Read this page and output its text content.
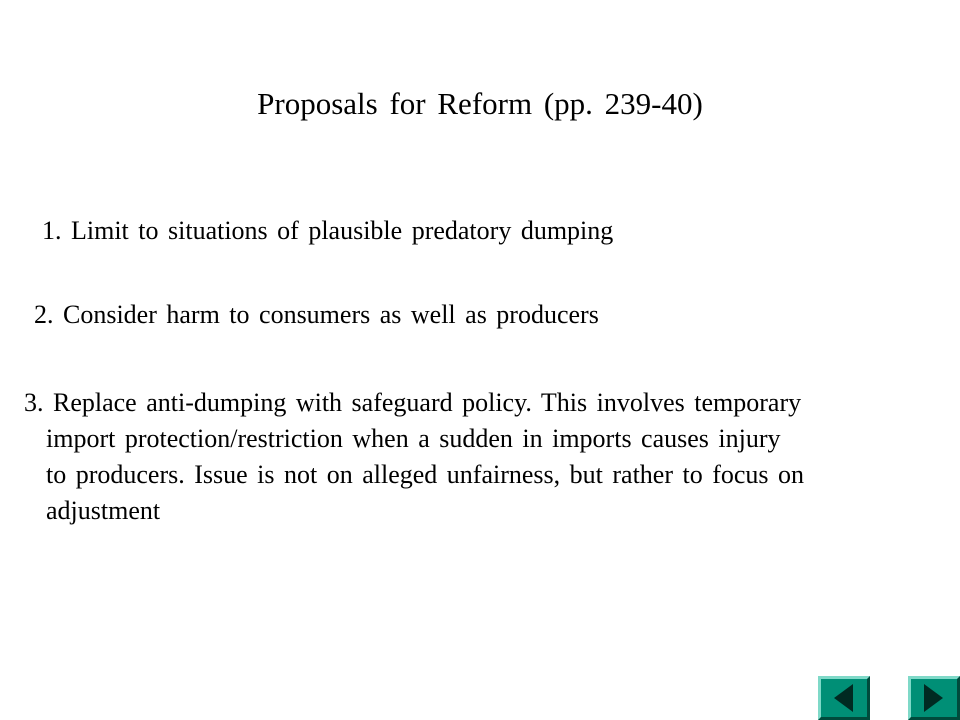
Proposals for Reform (pp. 239-40)
1. Limit to situations of plausible predatory dumping
2. Consider harm to consumers as well as producers
3. Replace anti-dumping with safeguard policy. This involves temporary
import protection/restriction when a sudden in imports causes injury
to producers. Issue is not on alleged unfairness, but rather to focus on
adjustment
